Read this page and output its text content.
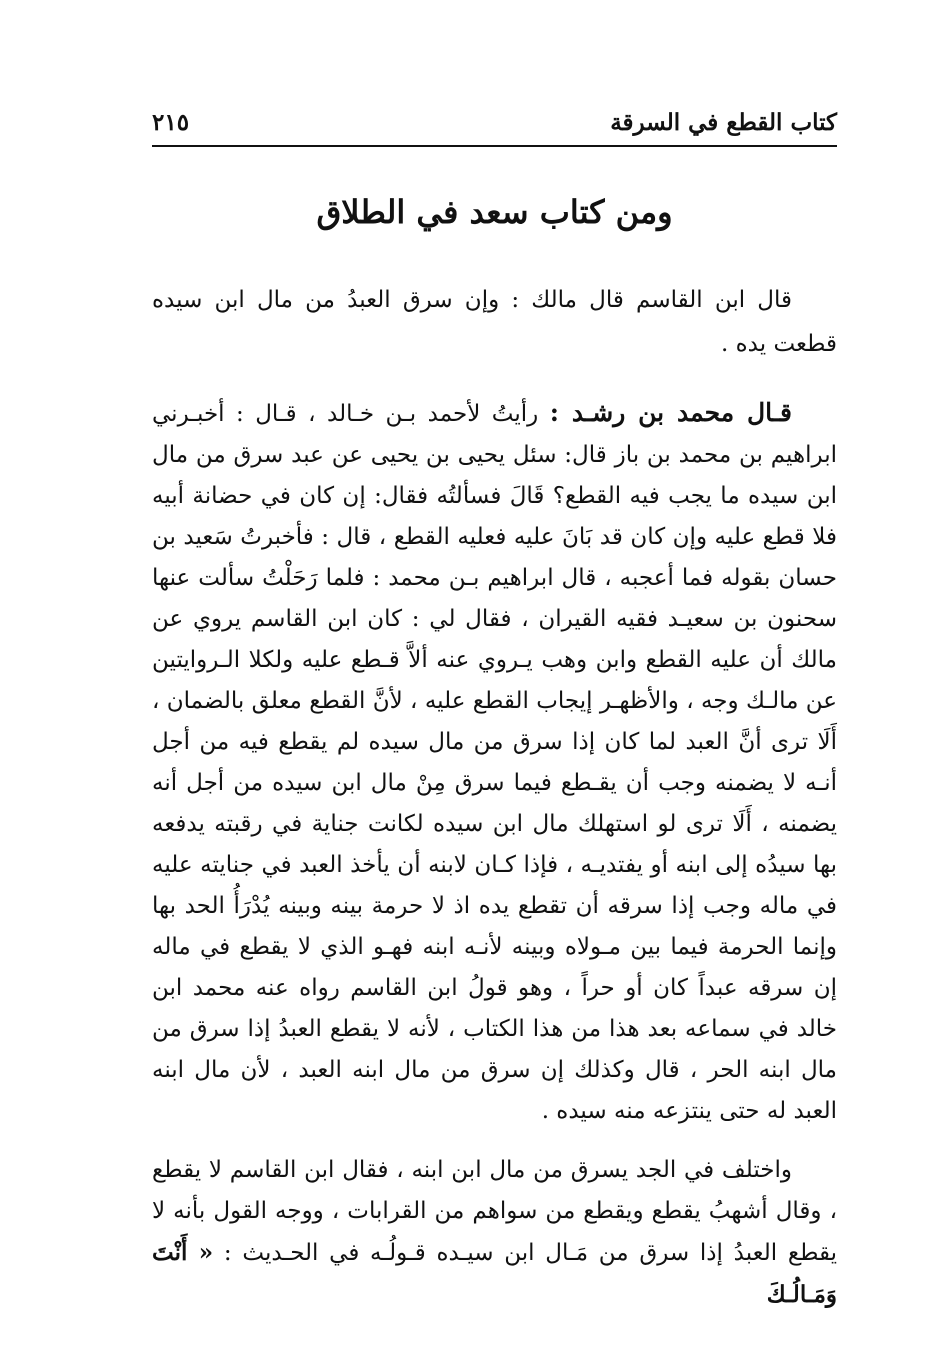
كتاب القطع في السرقة
٢١٥
ومن كتاب سعد في الطلاق

قال ابن القاسم قال مالك : وإن سرق العبدُ من مال ابن سيده قطعت يده .

قـال محمد بن رشـد : رأيتُ لأحمد بـن خـالد ، قـال : أخبـرني ابراهيم بن محمد بن باز قال: سئل يحيى بن يحيى عن عبد سرق من مال ابن سيده ما يجب فيه القطع؟ قَالَ فسألتُه فقال: إن كان في حضانة أبيه فلا قطع عليه وإن كان قد بَانَ عليه فعليه القطع ، قال : فأخبرتُ سَعيد بن حسان بقوله فما أعجبه ، قال ابراهيم بـن محمد : فلما رَحَلْتُ سألت عنها سحنون بن سعيـد فقيه القيران ، فقال لي : كان ابن القاسم يروي عن مالك أن عليه القطع وابن وهب يـروي عنه ألاَّ قـطع عليه ولكلا الـروايتين عن مالـك وجه ، والأظهـر إيجاب القطع عليه ، لأنَّ القطع معلق بالضمان ، أَلَا ترى أنَّ العبد لما كان إذا سرق من مال سيده لم يقطع فيه من أجل أنـه لا يضمنه وجب أن يقـطع فيما سرق مِنْ مال ابن سيده من أجل أنه يضمنه ، أَلَا ترى لو استهلك مال ابن سيده لكانت جناية في رقبته يدفعه بها سيدُه إلى ابنه أو يفتديـه ، فإذا كـان لابنه أن يأخذ العبد في جنايته عليه في ماله وجب إذا سرقه أن تقطع يده اذ لا حرمة بينه وبينه يُدْرَأُ الحد بها وإنما الحرمة فيما بين مـولاه وبينه لأنـه ابنه فهـو الذي لا يقطع في ماله إن سرقه عبداً كان أو حراً ، وهو قولُ ابن القاسم رواه عنه محمد ابن خالد في سماعه بعد هذا من هذا الكتاب ، لأنه لا يقطع العبدُ إذا سرق من مال ابنه الحر ، قال وكذلك إن سرق من مال ابنه العبد ، لأن مال ابنه العبد له حتى ينتزعه منه سيده .

واختلف في الجد يسرق من مال ابن ابنه ، فقال ابن القاسم لا يقطع ، وقال أشهبُ يقطع ويقطع من سواهم من القرابات ، ووجه القول بأنه لا يقطع العبدُ إذا سرق من مَـال ابن سيـده قـولُـه في الحـديث : « أَنْتَ وَمَـالُـكَ
